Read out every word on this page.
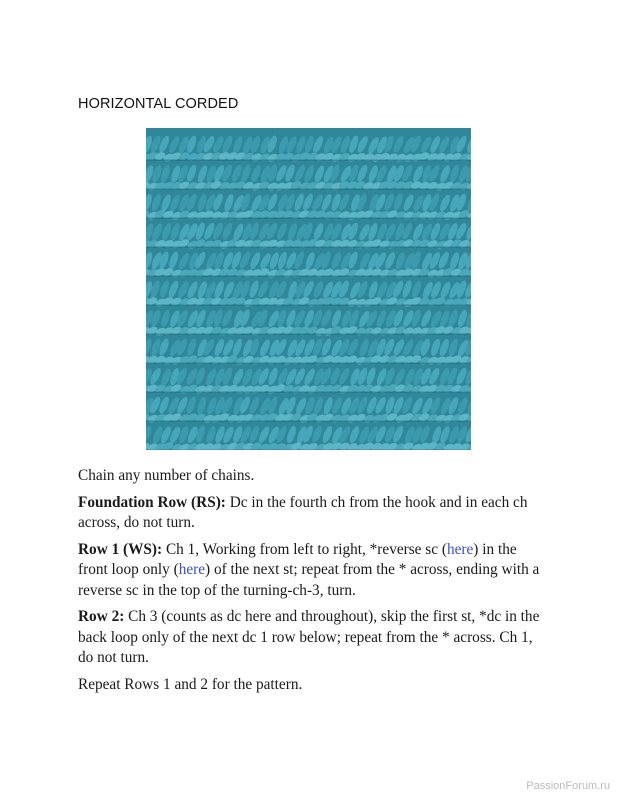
HORIZONTAL CORDED

Chain any number of chains.

Foundation Row (RS): Dc in the fourth ch from the hook and in each ch across, do not turn.

Row 1 (WS): Ch 1, Working from left to right, *reverse sc (here) in the front loop only (here) of the next st; repeat from the * across, ending with a reverse sc in the top of the turning-ch-3, turn.

Row 2: Ch 3 (counts as dc here and throughout), skip the first st, *dc in the back loop only of the next dc 1 row below; repeat from the * across. Ch 1, do not turn.

Repeat Rows 1 and 2 for the pattern.

PassionForum.ru
